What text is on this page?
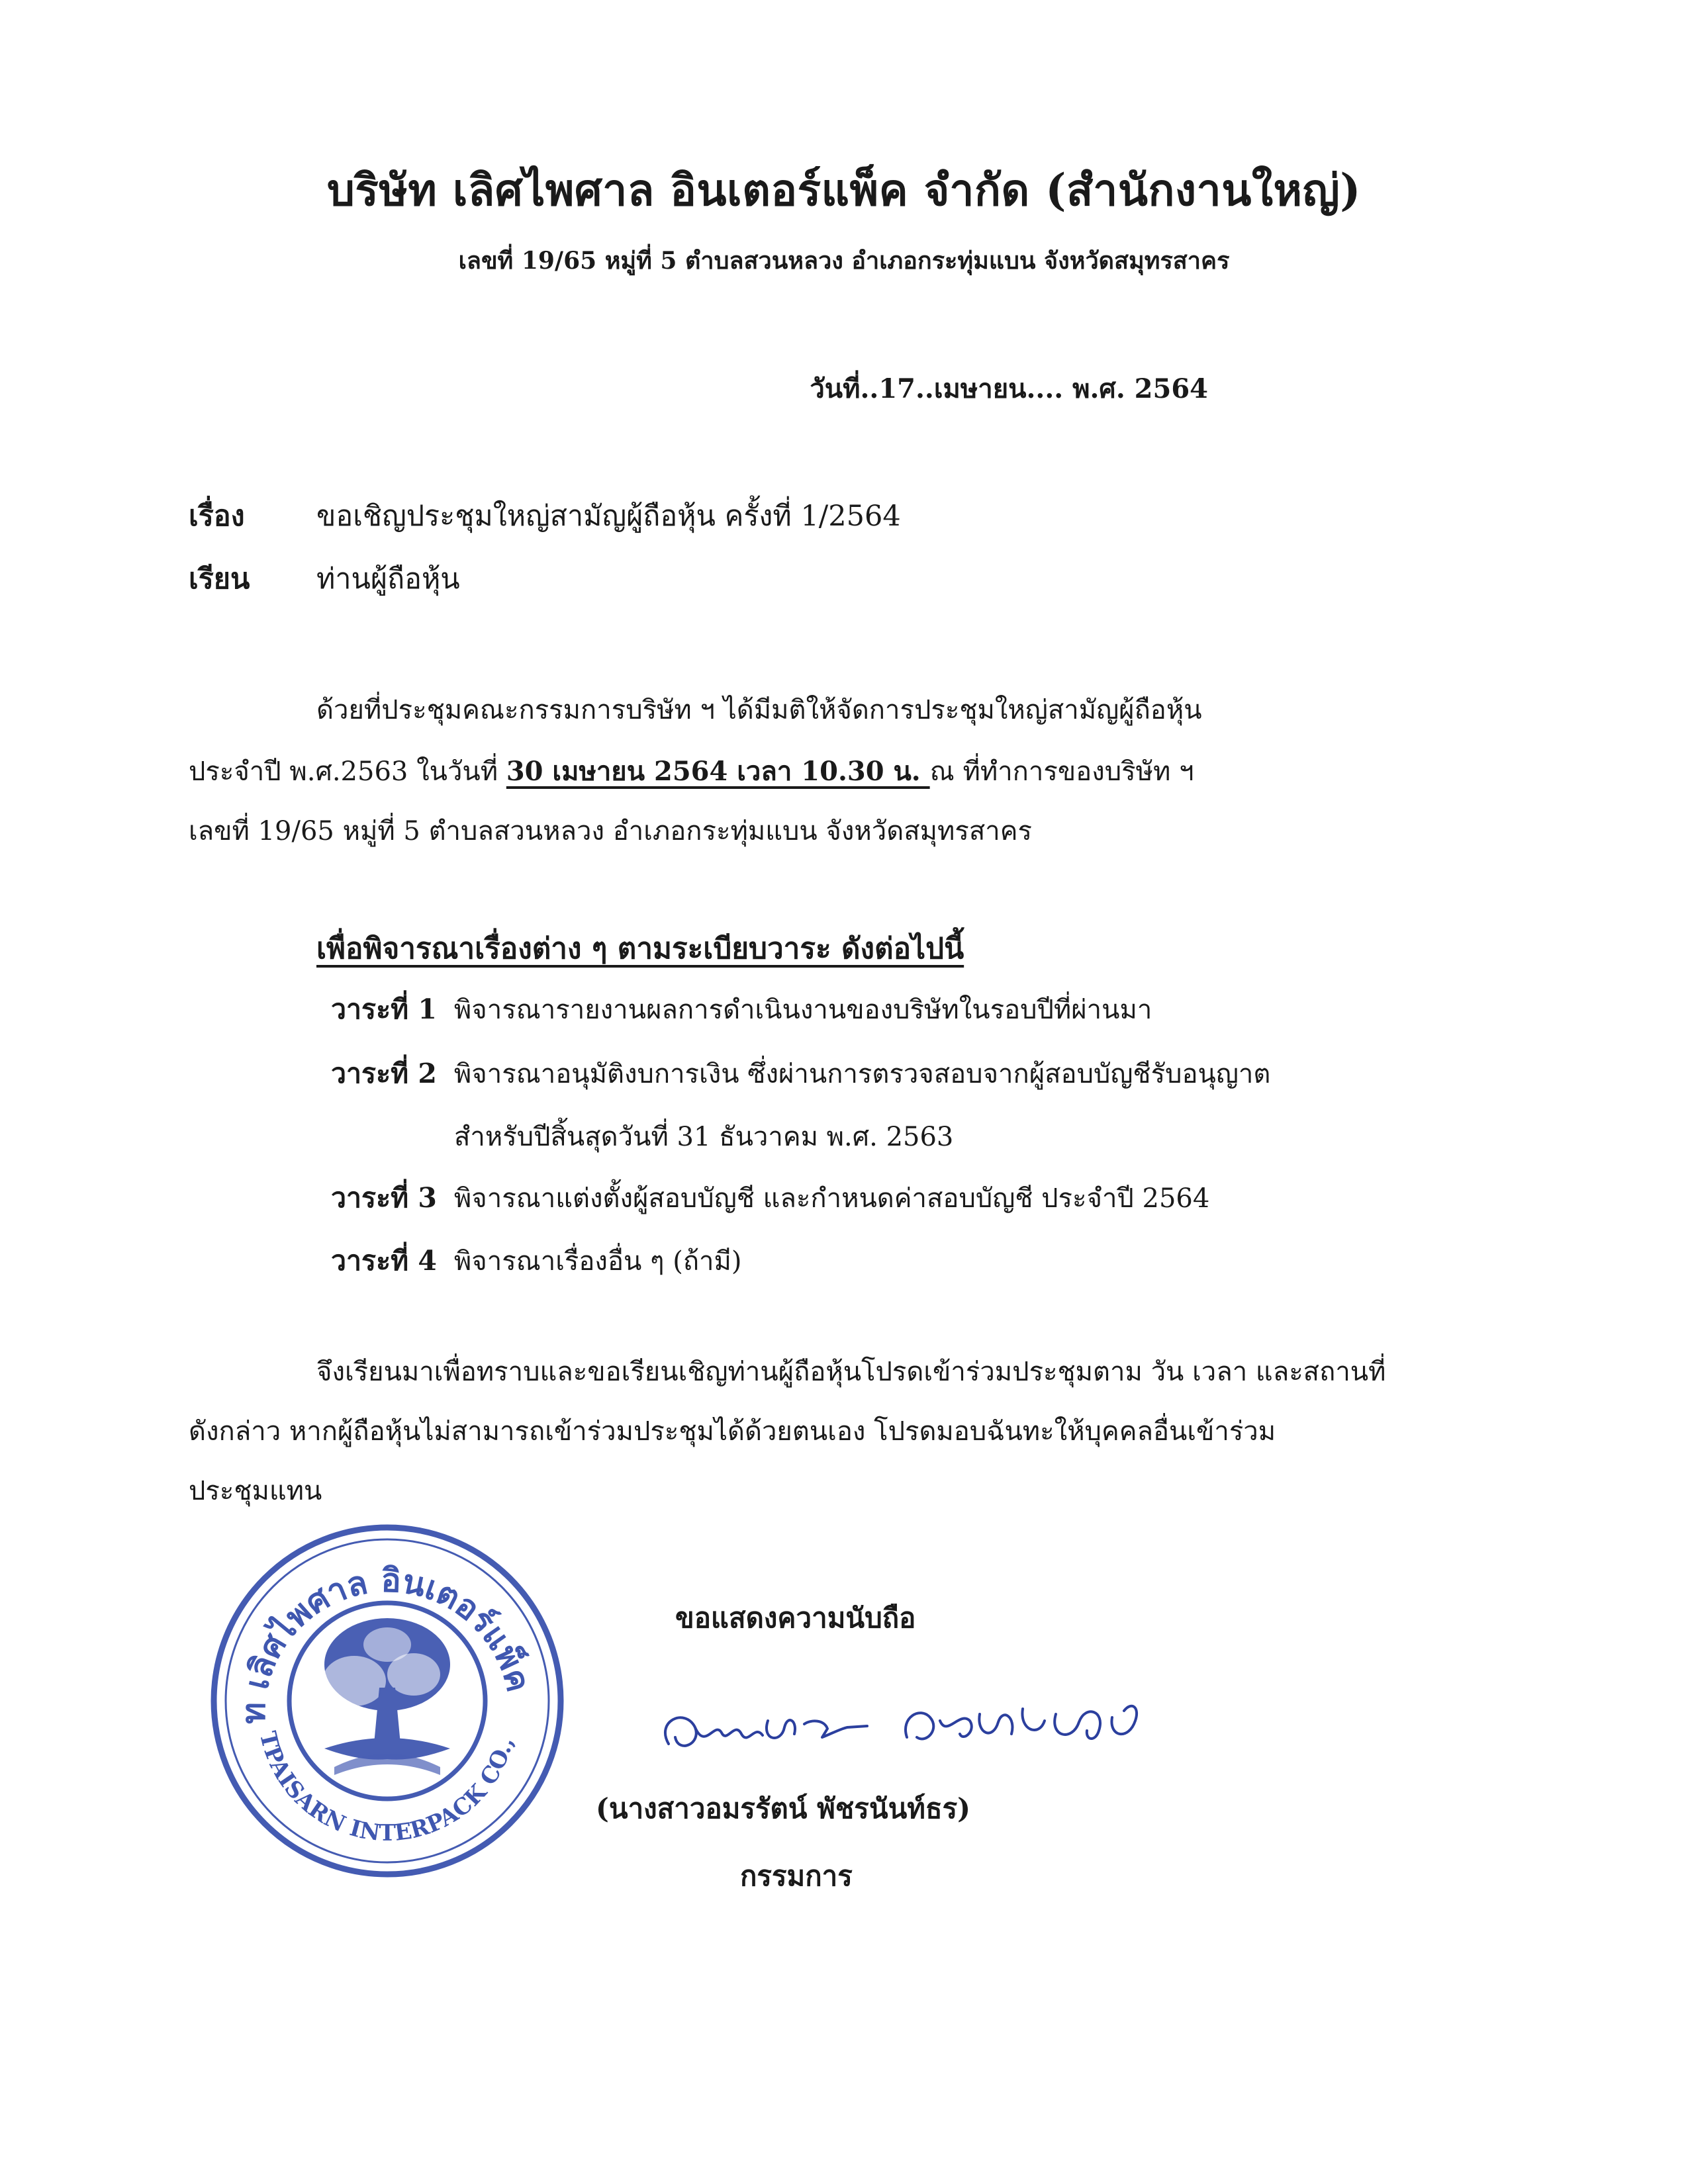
บริษัท เลิศไพศาล อินเตอร์แพ็ค จำกัด (สำนักงานใหญ่)
เลขที่ 19/65 หมู่ที่ 5 ตำบลสวนหลวง อำเภอกระทุ่มแบน จังหวัดสมุทรสาคร
วันที่..17..เมษายน.... พ.ศ. 2564
เรื่อง	ขอเชิญประชุมใหญ่สามัญผู้ถือหุ้น ครั้งที่ 1/2564
เรียน ท่านผู้ถือหุ้น
ด้วยที่ประชุมคณะกรรมการบริษัท ฯ ได้มีมติให้จัดการประชุมใหญ่สามัญผู้ถือหุ้น
ประจำปี พ.ศ.2563 ในวันที่ 30 เมษายน 2564 เวลา 10.30 น. ณ ที่ทำการของบริษัท ฯ
เลขที่ 19/65 หมู่ที่ 5 ตำบลสวนหลวง อำเภอกระทุ่มแบน จังหวัดสมุทรสาคร
เพื่อพิจารณาเรื่องต่าง ๆ ตามระเบียบวาระ ดังต่อไปนี้
วาระที่ 1 พิจารณารายงานผลการดำเนินงานของบริษัทในรอบปีที่ผ่านมา
วาระที่ 2 พิจารณาอนุมัติงบการเงิน ซึ่งผ่านการตรวจสอบจากผู้สอบบัญชีรับอนุญาต
สำหรับปีสิ้นสุดวันที่ 31 ธันวาคม พ.ศ. 2563
วาระที่ 3 พิจารณาแต่งตั้งผู้สอบบัญชี และกำหนดค่าสอบบัญชี ประจำปี 2564
วาระที่ 4 พิจารณาเรื่องอื่น ๆ (ถ้ามี)
จึงเรียนมาเพื่อทราบและขอเรียนเชิญท่านผู้ถือหุ้นโปรดเข้าร่วมประชุมตาม วัน เวลา และสถานที่
ดังกล่าว หากผู้ถือหุ้นไม่สามารถเข้าร่วมประชุมได้ด้วยตนเอง โปรดมอบฉันทะให้บุคคลอื่นเข้าร่วม
ประชุมแทน
ท เลิศไพศาล อินเตอร์แพ็ค
TPAISARN INTERPACK CO.,
ขอแสดงความนับถือ
(นางสาวอมรรัตน์ พัชรนันท์ธร)
กรรมการ
